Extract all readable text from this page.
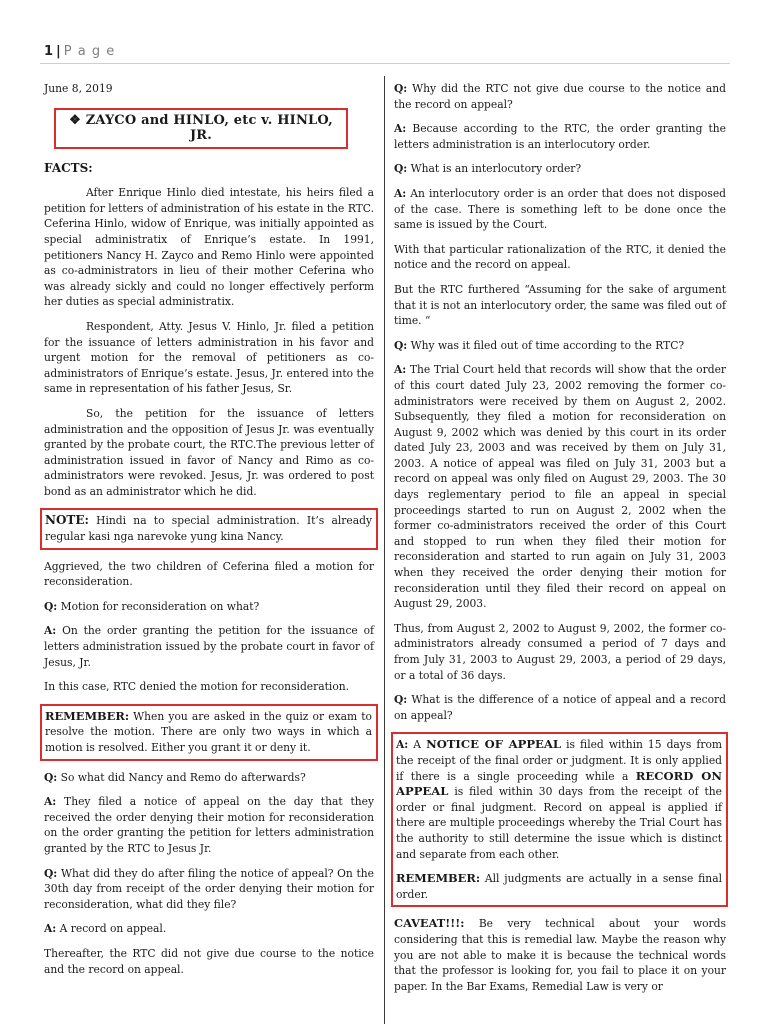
1 | P a g e

June 8, 2019

❖ ZAYCO and HINLO, etc v. HINLO, JR.

FACTS:

After Enrique Hinlo died intestate, his heirs filed a petition for letters of administration of his estate in the RTC. Ceferina Hinlo, widow of Enrique, was initially appointed as special administratix of Enrique’s estate. In 1991, petitioners Nancy H. Zayco and Remo Hinlo were appointed as co-administrators in lieu of their mother Ceferina who was already sickly and could no longer effectively perform her duties as special administratix.

Respondent, Atty. Jesus V. Hinlo, Jr. filed a petition for the issuance of letters administration in his favor and urgent motion for the removal of petitioners as co-administrators of Enrique’s estate. Jesus, Jr. entered into the same in representation of his father Jesus, Sr.

So, the petition for the issuance of letters administration and the opposition of Jesus Jr. was eventually granted by the probate court, the RTC.The previous letter of administration issued in favor of Nancy and Rimo as co-administrators were revoked. Jesus, Jr. was ordered to post bond as an administrator which he did.

NOTE: Hindi na to special administration. It’s already regular kasi nga narevoke yung kina Nancy.

Aggrieved, the two children of Ceferina filed a motion for reconsideration.

Q: Motion for reconsideration on what?

A: On the order granting the petition for the issuance of letters administration issued by the probate court in favor of Jesus, Jr.

In this case, RTC denied the motion for reconsideration.

REMEMBER: When you are asked in the quiz or exam to resolve the motion. There are only two ways in which a motion is resolved. Either you grant it or deny it.

Q: So what did Nancy and Remo do afterwards?

A: They filed a notice of appeal on the day that they received the order denying their motion for reconsideration on the order granting the petition for letters administration granted by the RTC to Jesus Jr.

Q: What did they do after filing the notice of appeal? On the 30th day from receipt of the order denying their motion for reconsideration, what did they file?

A: A record on appeal.

Thereafter, the RTC did not give due course to the notice and the record on appeal.

Q: Why did the RTC not give due course to the notice and the record on appeal?

A: Because according to the RTC, the order granting the letters administration is an interlocutory order.

Q: What is an interlocutory order?

A: An interlocutory order is an order that does not disposed of the case. There is something left to be done once the same is issued by the Court.

With that particular rationalization of the RTC, it denied the notice and the record on appeal.

But the RTC furthered “Assuming for the sake of argument that it is not an interlocutory order, the same was filed out of time. “

Q: Why was it filed out of time according to the RTC?

A: The Trial Court held that records will show that the order of this court dated July 23, 2002 removing the former co-administrators were received by them on August 2, 2002. Subsequently, they filed a motion for reconsideration on August 9, 2002 which was denied by this court in its order dated July 23, 2003 and was received by them on July 31, 2003. A notice of appeal was filed on July 31, 2003 but a record on appeal was only filed on August 29, 2003. The 30 days reglementary period to file an appeal in special proceedings started to run on August 2, 2002 when the former co-administrators received the order of this Court and stopped to run when they filed their motion for reconsideration and started to run again on July 31, 2003 when they received the order denying their motion for reconsideration until they filed their record on appeal on August 29, 2003.

Thus, from August 2, 2002 to August 9, 2002, the former co-administrators already consumed a period of 7 days and from July 31, 2003 to August 29, 2003, a period of 29 days, or a total of 36 days.

Q: What is the difference of a notice of appeal and a record on appeal?

A: A NOTICE OF APPEAL is filed within 15 days from the receipt of the final order or judgment. It is only applied if there is a single proceeding while a RECORD ON APPEAL is filed within 30 days from the receipt of the order or final judgment. Record on appeal is applied if there are multiple proceedings whereby the Trial Court has the authority to still determine the issue which is distinct and separate from each other.

REMEMBER: All judgments are actually in a sense final order.

CAVEAT!!!: Be very technical about your words considering that this is remedial law. Maybe the reason why you are not able to make it is because the technical words that the professor is looking for, you fail to place it on your paper. In the Bar Exams, Remedial Law is very or
